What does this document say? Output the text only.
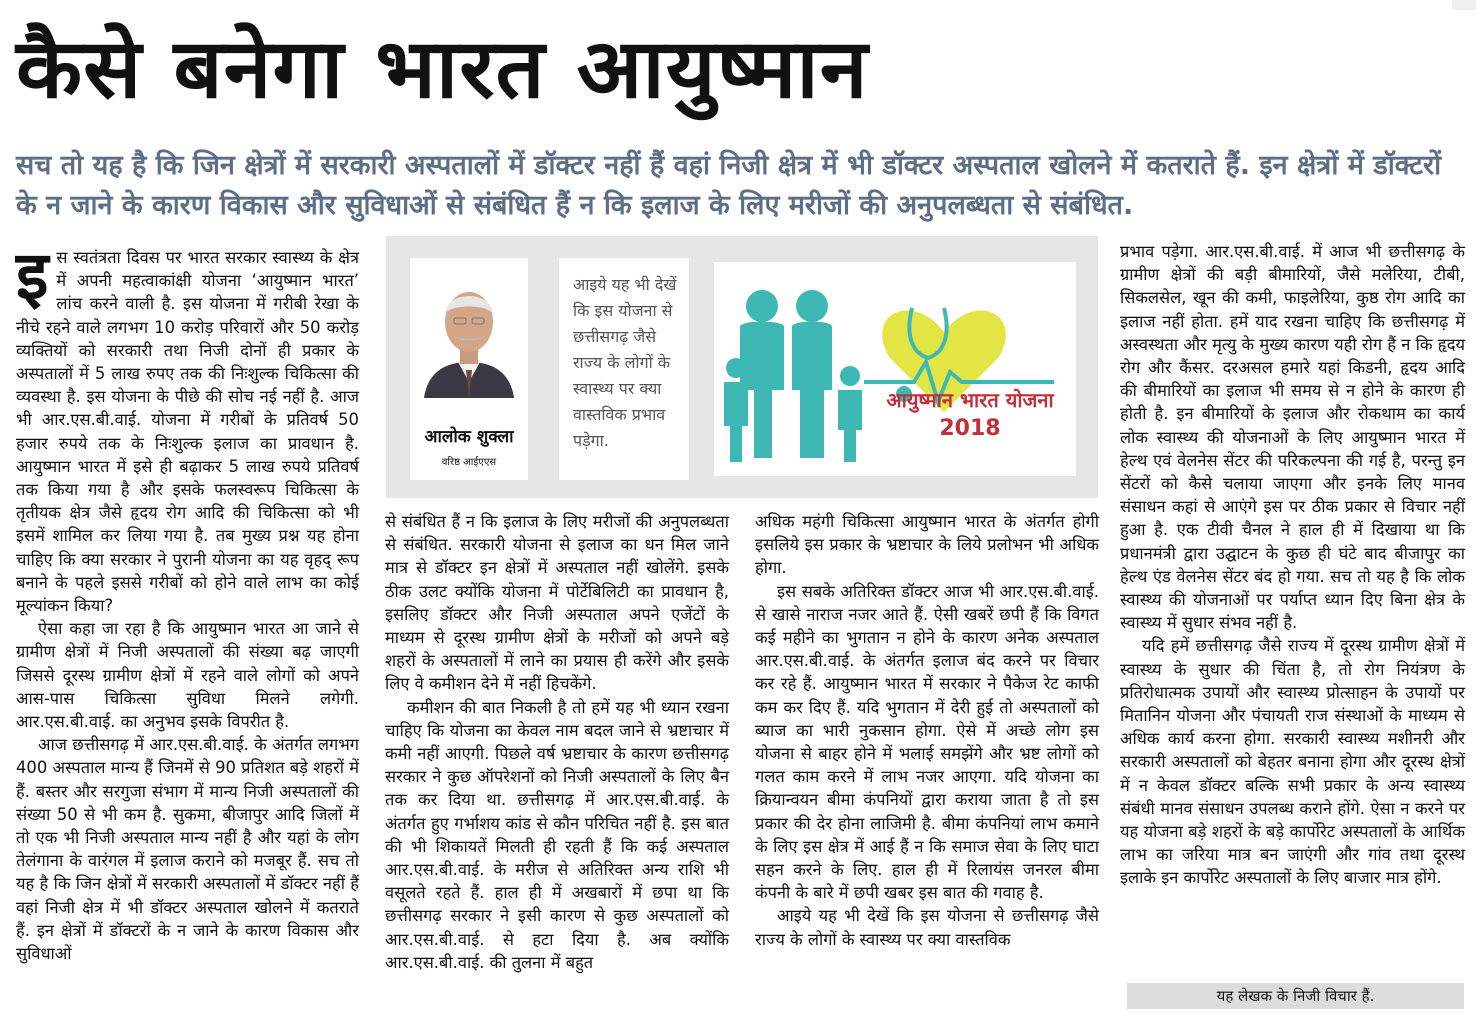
कैसे बनेगा भारत आयुष्मान
सच तो यह है कि जिन क्षेत्रों में सरकारी अस्पतालों में डॉक्टर नहीं हैं वहां निजी क्षेत्र में भी डॉक्टर अस्पताल खोलने में कतराते हैं. इन क्षेत्रों में डॉक्टरों के न जाने के कारण विकास और सुविधाओं से संबंधित हैं न कि इलाज के लिए मरीजों की अनुपलब्धता से संबंधित.

इस स्वतंत्रता दिवस पर भारत सरकार स्वास्थ्य के क्षेत्र में अपनी महत्वाकांक्षी योजना ‘आयुष्मान भारत’ लांच करने वाली है. इस योजना में गरीबी रेखा के नीचे रहने वाले लगभग 10 करोड़ परिवारों और 50 करोड़ व्यक्तियों को सरकारी तथा निजी दोनों ही प्रकार के अस्पतालों में 5 लाख रुपए तक की निःशुल्क चिकित्सा की व्यवस्था है. इस योजना के पीछे की सोच नई नहीं है. आज भी आर.एस.बी.वाई. योजना में गरीबों के प्रतिवर्ष 50 हजार रुपये तक के निःशुल्क इलाज का प्रावधान है. आयुष्मान भारत में इसे ही बढ़ाकर 5 लाख रुपये प्रतिवर्ष तक किया गया है और इसके फलस्वरूप चिकित्सा के तृतीयक क्षेत्र जैसे हृदय रोग आदि की चिकित्सा को भी इसमें शामिल कर लिया गया है. तब मुख्य प्रश्न यह होना चाहिए कि क्या सरकार ने पुरानी योजना का यह वृहद् रूप बनाने के पहले इससे गरीबों को होने वाले लाभ का कोई मूल्यांकन किया?

ऐसा कहा जा रहा है कि आयुष्मान भारत आ जाने से ग्रामीण क्षेत्रों में निजी अस्पतालों की संख्या बढ़ जाएगी जिससे दूरस्थ ग्रामीण क्षेत्रों में रहने वाले लोगों को अपने आस-पास चिकित्सा सुविधा मिलने लगेगी. आर.एस.बी.वाई. का अनुभव इसके विपरीत है.

आज छत्तीसगढ़ में आर.एस.बी.वाई. के अंतर्गत लगभग 400 अस्पताल मान्य हैं जिनमें से 90 प्रतिशत बड़े शहरों में हैं. बस्तर और सरगुजा संभाग में मान्य निजी अस्पतालों की संख्या 50 से भी कम है. सुकमा, बीजापुर आदि जिलों में तो एक भी निजी अस्पताल मान्य नहीं है और यहां के लोग तेलंगाना के वारंगल में इलाज कराने को मजबूर हैं. सच तो यह है कि जिन क्षेत्रों में सरकारी अस्पतालों में डॉक्टर नहीं हैं वहां निजी क्षेत्र में भी डॉक्टर अस्पताल खोलने में कतराते हैं. इन क्षेत्रों में डॉक्टरों के न जाने के कारण विकास और सुविधाओं

आलोक शुक्ला
वरिष्ठ आईएएस
आइये यह भी देखें कि इस योजना से छत्तीसगढ़ जैसे राज्य के लोगों के स्वास्थ्य पर क्या वास्तविक प्रभाव पड़ेगा.
आयुष्मान भारत योजना
2018

से संबंधित हैं न कि इलाज के लिए मरीजों की अनुपलब्धता से संबंधित. सरकारी योजना से इलाज का धन मिल जाने मात्र से डॉक्टर इन क्षेत्रों में अस्पताल नहीं खोलेंगे. इसके ठीक उलट क्योंकि योजना में पोर्टेबिलिटी का प्रावधान है, इसलिए डॉक्टर और निजी अस्पताल अपने एजेंटों के माध्यम से दूरस्थ ग्रामीण क्षेत्रों के मरीजों को अपने बड़े शहरों के अस्पतालों में लाने का प्रयास ही करेंगे और इसके लिए वे कमीशन देने में नहीं हिचकेंगे.

कमीशन की बात निकली है तो हमें यह भी ध्यान रखना चाहिए कि योजना का केवल नाम बदल जाने से भ्रष्टाचार में कमी नहीं आएगी. पिछले वर्ष भ्रष्टाचार के कारण छत्तीसगढ़ सरकार ने कुछ ऑपरेशनों को निजी अस्पतालों के लिए बैन तक कर दिया था. छत्तीसगढ़ में आर.एस.बी.वाई. के अंतर्गत हुए गर्भाशय कांड से कौन परिचित नहीं है. इस बात की भी शिकायतें मिलती ही रहती हैं कि कई अस्पताल आर.एस.बी.वाई. के मरीज से अतिरिक्त अन्य राशि भी वसूलते रहते हैं. हाल ही में अखबारों में छपा था कि छत्तीसगढ़ सरकार ने इसी कारण से कुछ अस्पतालों को आर.एस.बी.वाई. से हटा दिया है. अब क्योंकि आर.एस.बी.वाई. की तुलना में बहुत

अधिक महंगी चिकित्सा आयुष्मान भारत के अंतर्गत होगी इसलिये इस प्रकार के भ्रष्टाचार के लिये प्रलोभन भी अधिक होगा.

इस सबके अतिरिक्त डॉक्टर आज भी आर.एस.बी.वाई. से खासे नाराज नजर आते हैं. ऐसी खबरें छपी हैं कि विगत कई महीने का भुगतान न होने के कारण अनेक अस्पताल आर.एस.बी.वाई. के अंतर्गत इलाज बंद करने पर विचार कर रहे हैं. आयुष्मान भारत में सरकार ने पैकेज रेट काफी कम कर दिए हैं. यदि भुगतान में देरी हुई तो अस्पतालों को ब्याज का भारी नुकसान होगा. ऐसे में अच्छे लोग इस योजना से बाहर होने में भलाई समझेंगे और भ्रष्ट लोगों को गलत काम करने में लाभ नजर आएगा. यदि योजना का क्रियान्वयन बीमा कंपनियों द्वारा कराया जाता है तो इस प्रकार की देर होना लाजिमी है. बीमा कंपनियां लाभ कमाने के लिए इस क्षेत्र में आई हैं न कि समाज सेवा के लिए घाटा सहन करने के लिए. हाल ही में रिलायंस जनरल बीमा कंपनी के बारे में छपी खबर इस बात की गवाह है.

आइये यह भी देखें कि इस योजना से छत्तीसगढ़ जैसे राज्य के लोगों के स्वास्थ्य पर क्या वास्तविक

प्रभाव पड़ेगा. आर.एस.बी.वाई. में आज भी छत्तीसगढ़ के ग्रामीण क्षेत्रों की बड़ी बीमारियों, जैसे मलेरिया, टीबी, सिकलसेल, खून की कमी, फाइलेरिया, कुष्ठ रोग आदि का इलाज नहीं होता. हमें याद रखना चाहिए कि छत्तीसगढ़ में अस्वस्थता और मृत्यु के मुख्य कारण यही रोग हैं न कि हृदय रोग और कैंसर. दरअसल हमारे यहां किडनी, हृदय आदि की बीमारियों का इलाज भी समय से न होने के कारण ही होती है. इन बीमारियों के इलाज और रोकथाम का कार्य लोक स्वास्थ्य की योजनाओं के लिए आयुष्मान भारत में हेल्थ एवं वेलनेस सेंटर की परिकल्पना की गई है, परन्तु इन सेंटरों को कैसे चलाया जाएगा और इनके लिए मानव संसाधन कहां से आएंगे इस पर ठीक प्रकार से विचार नहीं हुआ है. एक टीवी चैनल ने हाल ही में दिखाया था कि प्रधानमंत्री द्वारा उद्घाटन के कुछ ही घंटे बाद बीजापुर का हेल्थ एंड वेलनेस सेंटर बंद हो गया. सच तो यह है कि लोक स्वास्थ्य की योजनाओं पर पर्याप्त ध्यान दिए बिना क्षेत्र के स्वास्थ्य में सुधार संभव नहीं है.

यदि हमें छत्तीसगढ़ जैसे राज्य में दूरस्थ ग्रामीण क्षेत्रों में स्वास्थ्य के सुधार की चिंता है, तो रोग नियंत्रण के प्रतिरोधात्मक उपायों और स्वास्थ्य प्रोत्साहन के उपायों पर मितानिन योजना और पंचायती राज संस्थाओं के माध्यम से अधिक कार्य करना होगा. सरकारी स्वास्थ्य मशीनरी और सरकारी अस्पतालों को बेहतर बनाना होगा और दूरस्थ क्षेत्रों में न केवल डॉक्टर बल्कि सभी प्रकार के अन्य स्वास्थ्य संबंधी मानव संसाधन उपलब्ध कराने होंगे. ऐसा न करने पर यह योजना बड़े शहरों के बड़े कार्पोरेट अस्पतालों के आर्थिक लाभ का जरिया मात्र बन जाएंगी और गांव तथा दूरस्थ इलाके इन कार्पोरेट अस्पतालों के लिए बाजार मात्र होंगे.

यह लेखक के निजी विचार हैं.
